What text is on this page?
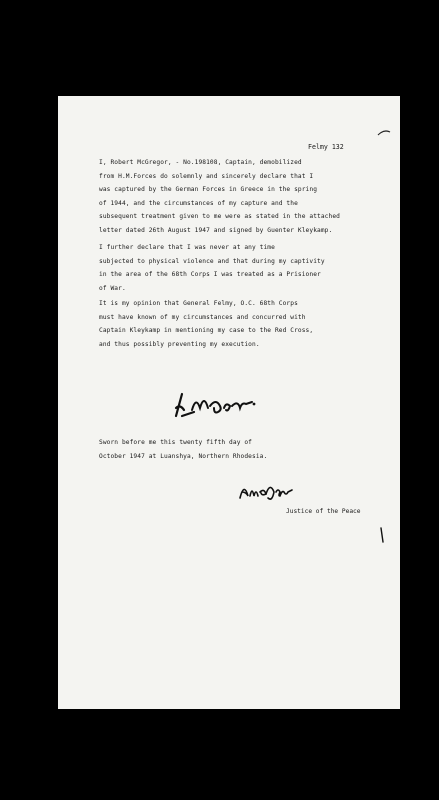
Felmy 132
I, Robert McGregor, - No.198108, Captain, demobilized
from H.M.Forces do solemnly and sincerely declare that I
was captured by the German Forces in Greece in the spring
of 1944, and the circumstances of my capture and the
subsequent treatment given to me were as stated in the attached
letter dated 26th August 1947 and signed by Guenter Kleykamp.
I further declare that I was never at any time
subjected to physical violence and that during my captivity
in the area of the 68th Corps I was treated as a Prisioner
of War.
It is my opinion that General Felmy, O.C. 68th Corps
must have known of my circumstances and concurred with
Captain Kleykamp in mentioning my case to the Red Cross,
and thus possibly preventing my execution.
Sworn before me this twenty fifth day of
October 1947 at Luanshya, Northern Rhodesia.
Justice of the Peace
